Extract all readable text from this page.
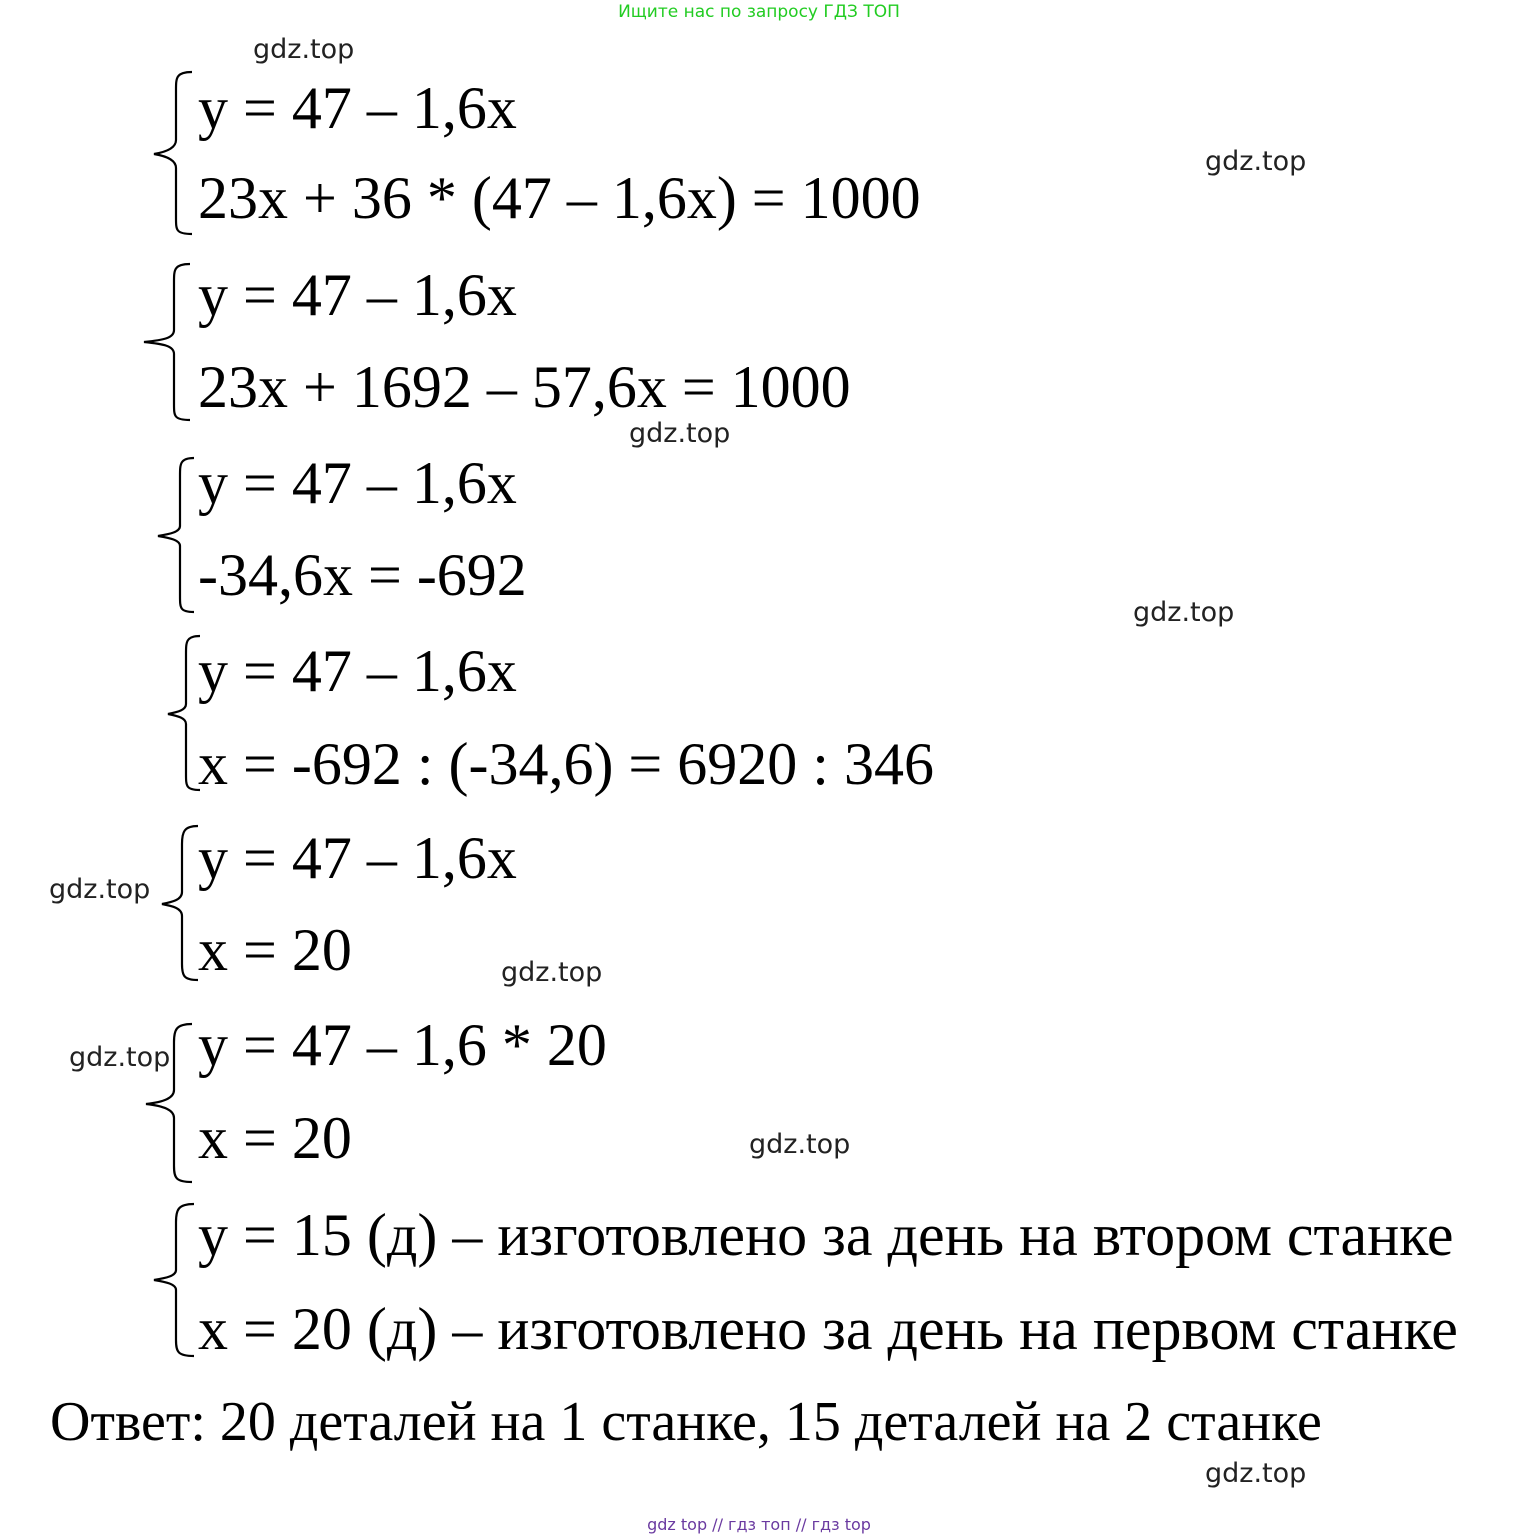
Ищите нас по запросу ГДЗ ТОП
y = 47 – 1,6x
23x + 36 * (47 – 1,6x) = 1000
y = 47 – 1,6x
23x + 1692 – 57,6x = 1000
y = 47 – 1,6x
-34,6x = -692
y = 47 – 1,6x
x = -692 : (-34,6) = 6920 : 346
y = 47 – 1,6x
x = 20
y = 47 – 1,6 * 20
x = 20
y = 15 (д) – изготовлено за день на втором станке
x = 20 (д) – изготовлено за день на первом станке
Ответ: 20 деталей на 1 станке, 15 деталей на 2 станке
gdz.top
gdz.top
gdz.top
gdz.top
gdz.top
gdz.top
gdz.top
gdz.top
gdz.top
gdz top // гдз топ // гдз top
